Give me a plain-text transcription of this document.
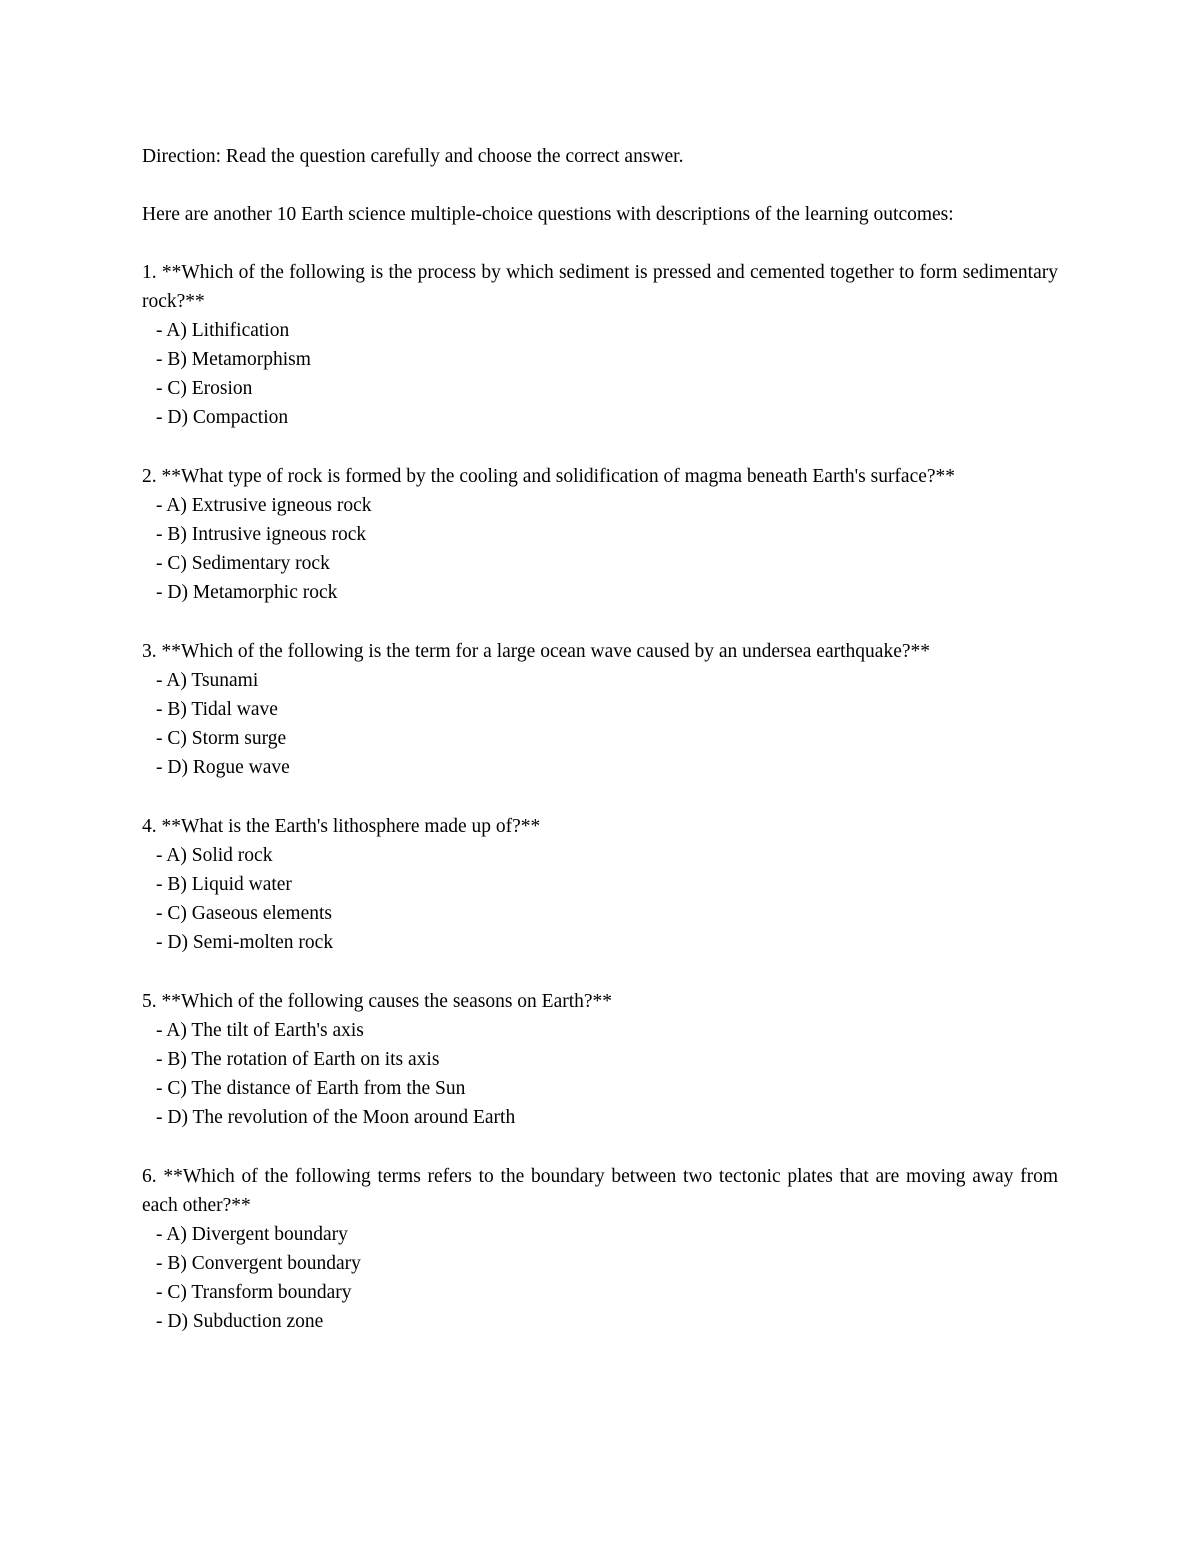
Direction: Read the question carefully and choose the correct answer.

Here are another 10 Earth science multiple-choice questions with descriptions of the learning outcomes:

1. **Which of the following is the process by which sediment is pressed and cemented together to form sedimentary rock?**
- A) Lithification
- B) Metamorphism
- C) Erosion
- D) Compaction
2. **What type of rock is formed by the cooling and solidification of magma beneath Earth's surface?**
- A) Extrusive igneous rock
- B) Intrusive igneous rock
- C) Sedimentary rock
- D) Metamorphic rock
3. **Which of the following is the term for a large ocean wave caused by an undersea earthquake?**
- A) Tsunami
- B) Tidal wave
- C) Storm surge
- D) Rogue wave
4. **What is the Earth's lithosphere made up of?**
- A) Solid rock
- B) Liquid water
- C) Gaseous elements
- D) Semi-molten rock
5. **Which of the following causes the seasons on Earth?**
- A) The tilt of Earth's axis
- B) The rotation of Earth on its axis
- C) The distance of Earth from the Sun
- D) The revolution of the Moon around Earth
6. **Which of the following terms refers to the boundary between two tectonic plates that are moving away from each other?**
- A) Divergent boundary
- B) Convergent boundary
- C) Transform boundary
- D) Subduction zone
